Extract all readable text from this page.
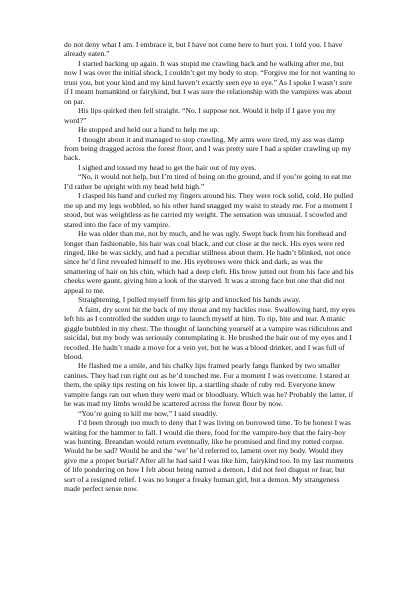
do not deny what I am. I embrace it, but I have not come here to hurt you. I told you. I have already eaten.”

I started backing up again. It was stupid me crawling back and he walking after me, but now I was over the initial shock, I couldn’t get my body to stop. “Forgive me for not wanting to trust you, but your kind and my kind haven’t exactly seen eye to eye.” As I spoke I wasn’t sure if I meant humankind or fairykind, but I was sure the relationship with the vampires was about on par.

His lips quirked then fell straight. “No. I suppose not. Would it help if I gave you my word?”

He stopped and held out a hand to help me up.

I thought about it and managed to stop crawling. My arms were tired, my ass was damp from being dragged across the forest floor, and I was pretty sure I had a spider crawling up my back.

I sighed and tossed my head to get the hair out of my eyes.

“No, it would not help, but I’m tired of being on the ground, and if you’re going to eat me I’d rather be upright with my head held high.”

I clasped his hand and curled my fingers around his. They were rock solid, cold. He pulled me up and my legs wobbled, so his other hand snagged my waist to steady me. For a moment I stood, but was weightless as he carried my weight. The sensation was unusual. I scowled and stared into the face of my vampire.

He was older than me, not by much, and he was ugly. Swept back from his forehead and longer than fashionable, his hair was coal black, and cut close at the neck. His eyes were red ringed, like he was sickly, and had a peculiar stillness about them. He hadn’t blinked, not once since he’d first revealed himself to me. His eyebrows were thick and dark, as was the smattering of hair on his chin, which had a deep cleft. His brow jutted out from his face and his cheeks were gaunt, giving him a look of the starved. It was a strong face but one that did not appeal to me.

Straightening, I pulled myself from his grip and knocked his hands away.

A faint, dry scent hit the back of my throat and my hackles rose. Swallowing hard, my eyes left his as I controlled the sudden urge to launch myself at him. To rip, bite and tear. A manic giggle bubbled in my chest. The thought of launching yourself at a vampire was ridiculous and suicidal, but my body was seriously contemplating it. He brushed the hair out of my eyes and I recoiled. He hadn’t made a move for a vein yet, but he was a blood drinker, and I was full of blood.

He flashed me a smile, and his chalky lips framed pearly fangs flanked by two smaller canines. They had run right out as he’d touched me. For a moment I was overcome. I stared at them, the spiky tips resting on his lower lip, a startling shade of ruby red. Everyone knew vampire fangs ran out when they were mad or bloodlusty. Which was he? Probably the latter, if he was mad my limbs would be scattered across the forest floor by now.

“You’re going to kill me now,” I said steadily.

I’d been through too much to deny that I was living on borrowed time. To be honest I was waiting for the hammer to fall. I would die there, food for the vampire-boy that the fairy-boy was hunting. Breandan would return eventually, like he promised and find my rotted corpse. Would he be sad? Would he and the ‘we’ he’d referred to, lament over my body. Would they give me a proper burial? After all he had said I was like him, fairykind too. In my last moments of life pondering on how I felt about being named a demon, I did not feel disgust or fear, but sort of a resigned relief. I was no longer a freaky human girl, but a demon. My strangeness made perfect sense now.
